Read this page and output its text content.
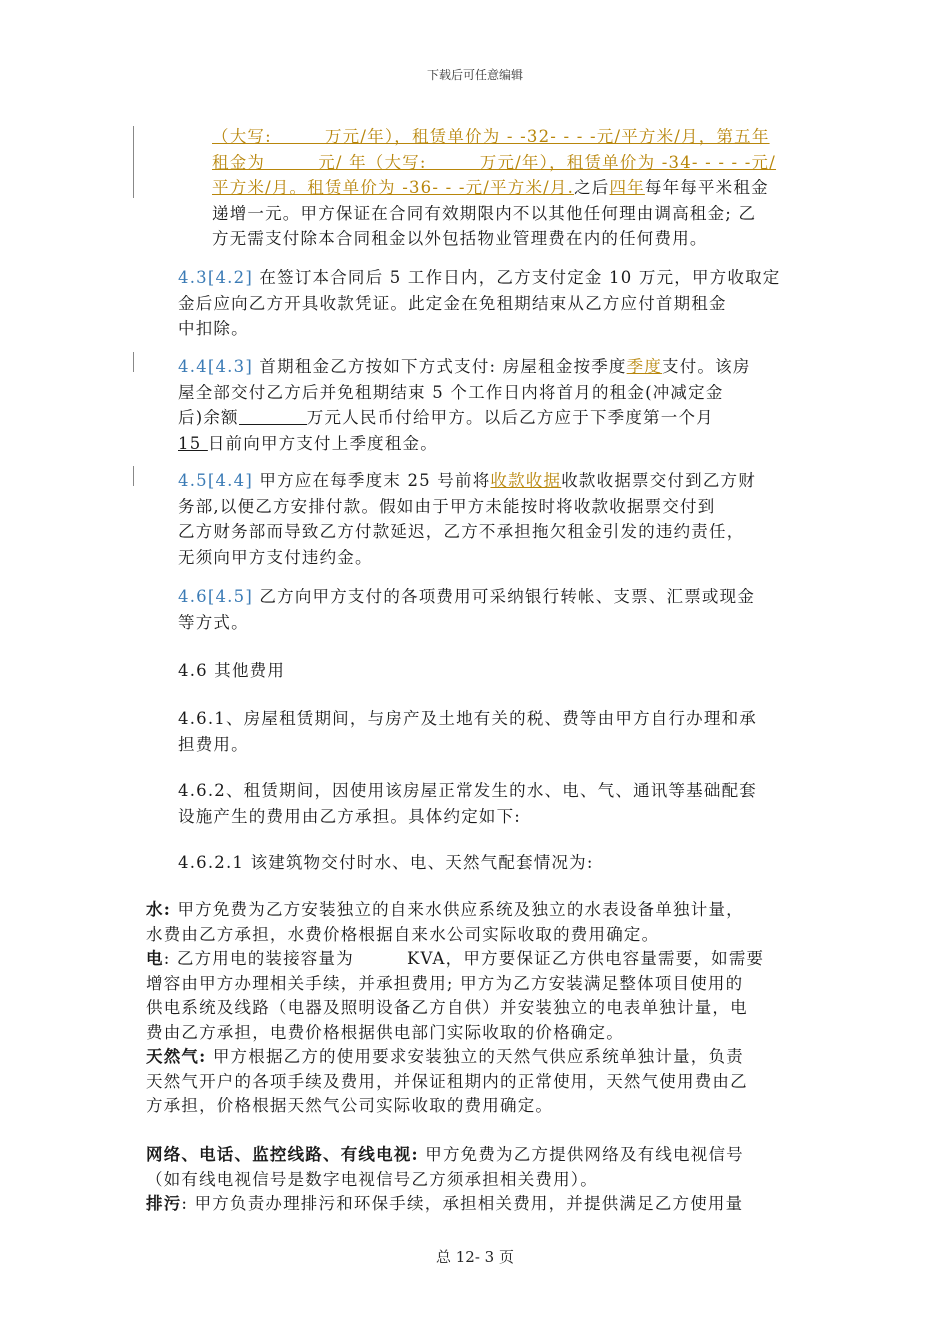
下载后可任意编辑
（大写:　　　万元/年），租赁单价为 - -32- - - -元/平方米/月，第五年
租金为　　　元/ 年（大写:　　　万元/年），租赁单价为 -34- - - - -元/
平方米/月。租赁单价为 -36- - -元/平方米/月.之后四年每年每平米租金
递增一元。甲方保证在合同有效期限内不以其他任何理由调高租金; 乙
方无需支付除本合同租金以外包括物业管理费在内的任何费用。
4.3[4.2] 在签订本合同后 5 工作日内，乙方支付定金 10 万元，甲方收取定
金后应向乙方开具收款凭证。此定金在免租期结束从乙方应付首期租金
中扣除。
4.4[4.3] 首期租金乙方按如下方式支付: 房屋租金按季度季度支付。该房
屋全部交付乙方后并免租期结束 5 个工作日内将首月的租金(冲减定金
后)余额	万元人民币付给甲方。以后乙方应于下季度第一个月
15 日前向甲方支付上季度租金。
4.5[4.4] 甲方应在每季度末 25 号前将收款收据收款收据票交付到乙方财
务部,以便乙方安排付款。假如由于甲方未能按时将收款收据票交付到
乙方财务部而导致乙方付款延迟，乙方不承担拖欠租金引发的违约责任，
无须向甲方支付违约金。
4.6[4.5] 乙方向甲方支付的各项费用可采纳银行转帐、支票、汇票或现金
等方式。
4.6 其他费用
4.6.1、房屋租赁期间，与房产及土地有关的税、费等由甲方自行办理和承
担费用。
4.6.2、租赁期间，因使用该房屋正常发生的水、电、气、通讯等基础配套
设施产生的费用由乙方承担。具体约定如下:
4.6.2.1 该建筑物交付时水、电、天然气配套情况为:
水: 甲方免费为乙方安装独立的自来水供应系统及独立的水表设备单独计量，
水费由乙方承担，水费价格根据自来水公司实际收取的费用确定。
电: 乙方用电的装接容量为　　　KVA，甲方要保证乙方供电容量需要，如需要
增容由甲方办理相关手续，并承担费用; 甲方为乙方安装满足整体项目使用的
供电系统及线路（电器及照明设备乙方自供）并安装独立的电表单独计量，电
费由乙方承担，电费价格根据供电部门实际收取的价格确定。
天然气: 甲方根据乙方的使用要求安装独立的天然气供应系统单独计量，负责
天然气开户的各项手续及费用，并保证租期内的正常使用，天然气使用费由乙
方承担，价格根据天然气公司实际收取的费用确定。
网络、电话、监控线路、有线电视: 甲方免费为乙方提供网络及有线电视信号
（如有线电视信号是数字电视信号乙方须承担相关费用）。
排污: 甲方负责办理排污和环保手续，承担相关费用，并提供满足乙方使用量
总 12- 3 页
